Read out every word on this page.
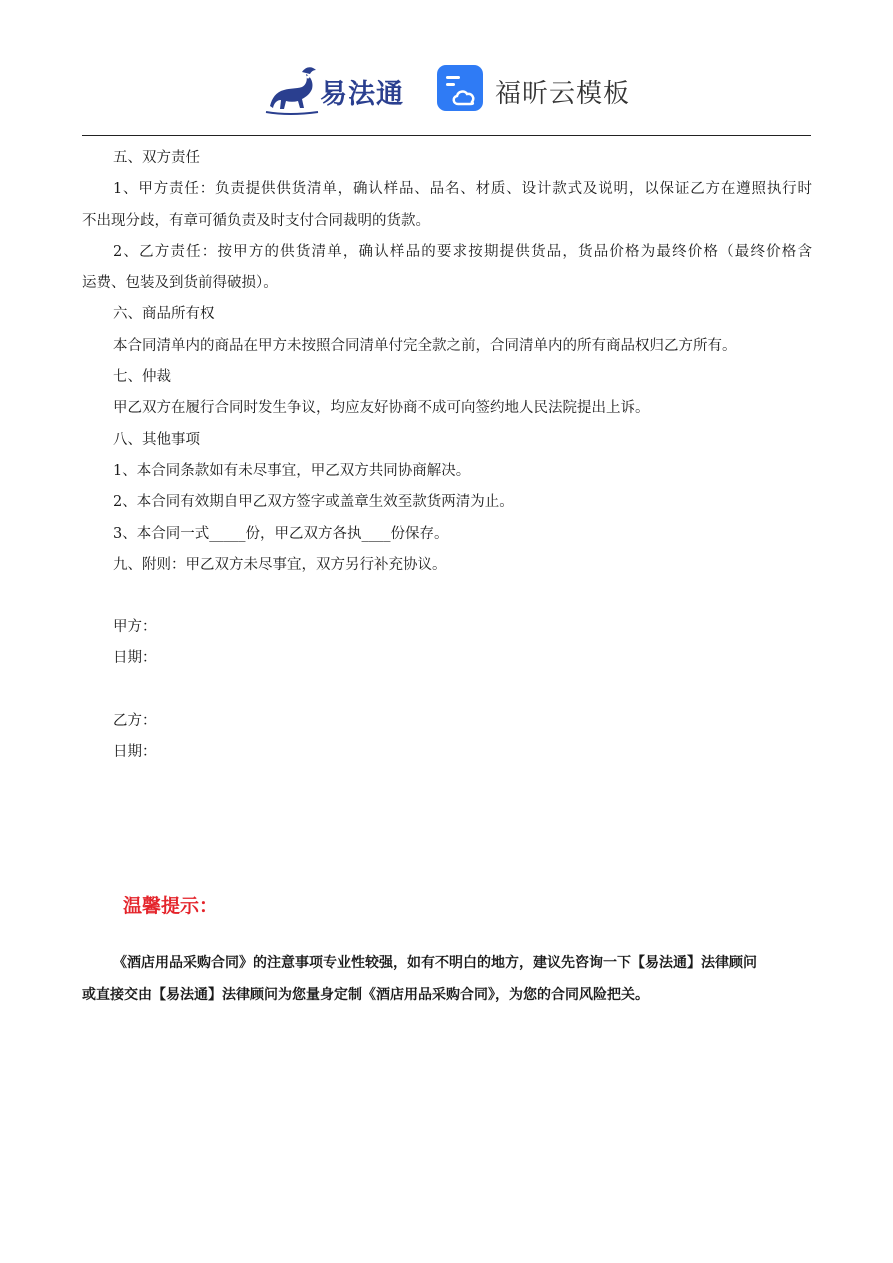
易法通	福昕云模板
五、双方责任
1、甲方责任：负责提供供货清单，确认样品、品名、材质、设计款式及说明，以保证乙方在遵照执行时
不出现分歧，有章可循负责及时支付合同裁明的货款。
2、乙方责任：按甲方的供货清单，确认样品的要求按期提供货品，货品价格为最终价格（最终价格含
运费、包装及到货前得破损）。
六、商品所有权
本合同清单内的商品在甲方未按照合同清单付完全款之前，合同清单内的所有商品权归乙方所有。
七、仲裁
甲乙双方在履行合同时发生争议，均应友好协商不成可向签约地人民法院提出上诉。
八、其他事项
1、本合同条款如有未尽事宜，甲乙双方共同协商解决。
2、本合同有效期自甲乙双方签字或盖章生效至款货两清为止。
3、本合同一式_____份，甲乙双方各执____份保存。
九、附则：甲乙双方未尽事宜，双方另行补充协议。
甲方：
日期：
乙方：
日期：
温馨提示：
《酒店用品采购合同》的注意事项专业性较强，如有不明白的地方，建议先咨询一下【易法通】法律顾问
或直接交由【易法通】法律顾问为您量身定制《酒店用品采购合同》，为您的合同风险把关。
